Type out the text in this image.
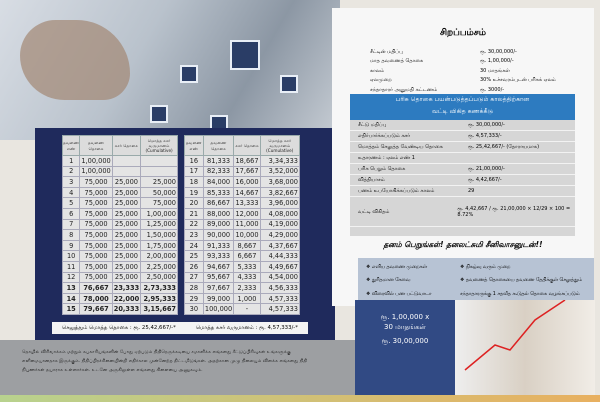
தவணை எண்	தவணை தொகை	கசர் தொகை	மொத்த கசர் வருமானம் (Cumulative)
1	1,00,000		
2	1,00,000		
3	75,000	25,000	25,000
4	75,000	25,000	50,000
5	75,000	25,000	75,000
6	75,000	25,000	1,00,000
7	75,000	25,000	1,25,000
8	75,000	25,000	1,50,000
9	75,000	25,000	1,75,000
10	75,000	25,000	2,00,000
11	75,000	25,000	2,25,000
12	75,000	25,000	2,50,000
13	76,667	23,333	2,73,333
14	78,000	22,000	2,95,333
15	79,667	20,333	3,15,667
தவணை எண்	தவணை தொகை	கசர் தொகை	மொத்த கசர் வருமானம் (Cumulative)
16	81,333	18,667	3,34,333
17	82,333	17,667	3,52,000
18	84,000	16,000	3,68,000
19	85,333	14,667	3,82,667
20	86,667	13,333	3,96,000
21	88,000	12,000	4,08,000
22	89,000	11,000	4,19,000
23	90,000	10,000	4,29,000
24	91,333	8,667	4,37,667
25	93,333	6,667	4,44,333
26	94,667	5,333	4,49,667
27	95,667	4,333	4,54,000
28	97,667	2,333	4,56,333
29	99,000	1,000	4,57,333
30	100,000	-	4,57,333
செலுத்தும் மொத்த தொகை : ரூ. 25,42,667/-*	மொத்த கசர் வருமானம் : ரூ. 4,57,333/-*
சிறப்பம்சம்
சீட்டின் மதிப்பு	ரூ. 30,00,000/-
மாத தவணைத் தொகை	ரூ. 1,00,000/-
காலம்	30 மாதங்கள்
ஏலமுறை	30% உச்சவரம்புடன் பரிசுக் ஏலம்
சந்தாதாரர் அனுமதி கட்டணம்	ரூ. 3000/-
பரிசு தொகை பயன்படுத்தப்படும் காலத்திற்கான
வட்டி விகித கணக்கீடு
சீட்டு மதிப்பு	ரூ. 30,00,000/-
எதிர்பார்க்கப்படும் கசர்	ரூ. 4,57,333/-
மொத்தம் செலுத்த வேண்டிய தொகை	ரூ. 25,42,667/- (தோராயமாக)
உதாரணம் : ஏலம் எண் 1
பரிசு பெறும் தொகை	ரூ. 21,00,000/-
வித்தியாசம்	ரூ. 4,42,667/-
பணம் உபயோகிக்கப்படும் காலம்	29
வட்டி விகிதம்	ரூ. 4,42,667 / ரூ. 21,00,000 × 12/29 × 100 = 8.72%
தனம் பெறுங்கள்! தனலட்சுமி சீனிவாசனுடன்!!
❖ எளிய தவணை முறைகள்	❖ நிகழ்வு வரும் முறை
❖ துரிதமான சேவை	❖ தவணைத் தொகையை தவணை தேதிக்குள் செலுத்தும்
❖ விரைவில் பண பட்டுவாடா	சந்தாதாரருக்கு 1 சதவீத கூடுதல் தொகை வழங்கப்படும்
தொழில் விரிவாக்கம் மற்றும் சுபகாரியங்களின் போது ஏற்படும் நிதிநெருக்கடியை சமாளிக்க எங்களது சீட்டுப்பிரிவுகள் உங்களுக்கு எளிமையானதாக இருக்கும். நிதிப்பிரச்சினையின்றி எதிர்கால முன்னேற்ற திட்டமிடுங்கள். அதற்கான முழு நிலையும் விளக்க எங்களது நிதி நிபுணர்கள் தயாராக உள்ளார்கள். உடனே அருகிலுள்ள எங்களது கிளையை அணுகவும்.
ரூ. 1,00,000 x
30 மாதங்கள்
ரூ. 30,00,000
